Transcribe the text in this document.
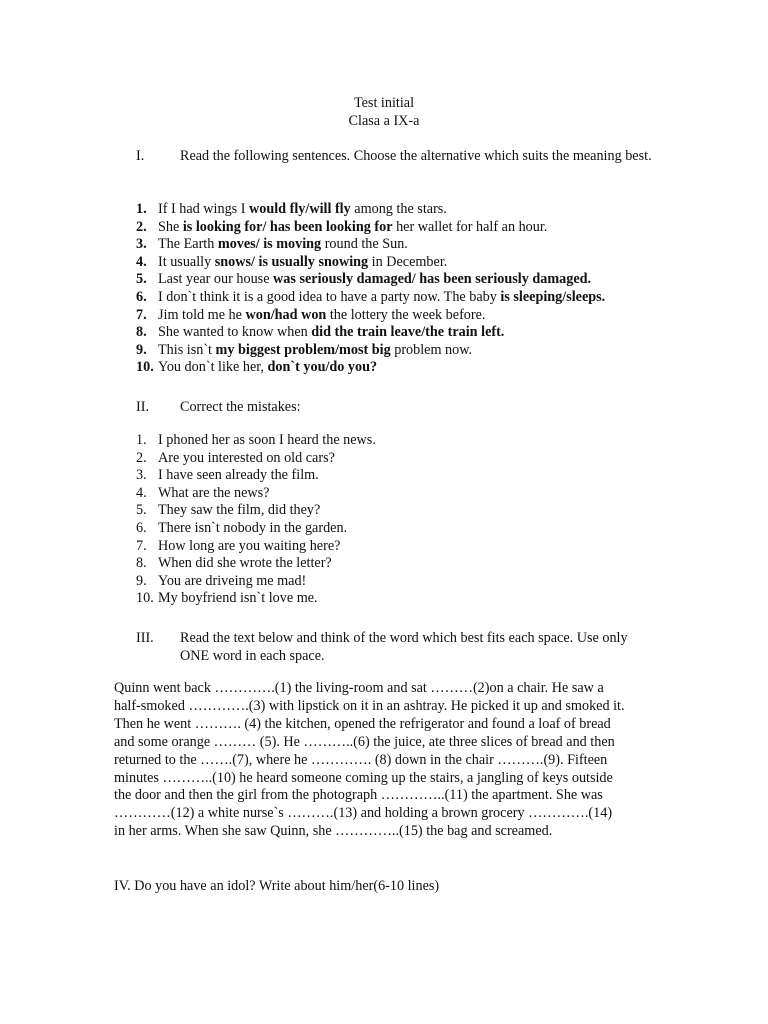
Test initial
Clasa a IX-a
I.	Read the following sentences. Choose the alternative which suits the meaning best.
1. If I had wings I would fly/will fly among the stars.
2. She is looking for/ has been looking for her wallet for half an hour.
3. The Earth moves/ is moving round the Sun.
4. It usually snows/ is usually snowing in December.
5. Last year our house was seriously damaged/ has been seriously damaged.
6. I don`t think it is a good idea to have a party now. The baby is sleeping/sleeps.
7. Jim told me he won/had won the lottery the week before.
8. She wanted to know when did the train leave/the train left.
9. This isn`t my biggest problem/most big problem now.
10. You don`t like her, don`t you/do you?
II. Correct the mistakes:
1. I phoned her as soon I heard the news.
2. Are you interested on old cars?
3. I have seen already the film.
4. What are the news?
5. They saw the film, did they?
6. There isn`t nobody in the garden.
7. How long are you waiting here?
8. When did she wrote the letter?
9. You are driveing me mad!
10. My boyfriend isn`t love me.
III. Read the text below and think of the word which best fits each space. Use only ONE word in each space.
Quinn went back ………….(1) the living-room and sat ………(2)on a chair. He saw a
half-smoked ………….(3) with lipstick on it in an ashtray. He picked it up and smoked it.
Then he went ………. (4) the kitchen, opened the refrigerator and found a loaf of bread
and some orange ……… (5). He ………..(6) the juice, ate three slices of bread and then
returned to the …….(7), where he …………. (8) down in the chair ……….(9). Fifteen
minutes ………..(10) he heard someone coming up the stairs, a jangling of keys outside
the door and then the girl from the photograph …………..(11) the apartment. She was
…………(12) a white nurse`s ……….(13) and holding a brown grocery ………….(14)
in her arms. When she saw Quinn, she …………..(15) the bag and screamed.
IV. Do you have an idol? Write about him/her(6-10 lines)
